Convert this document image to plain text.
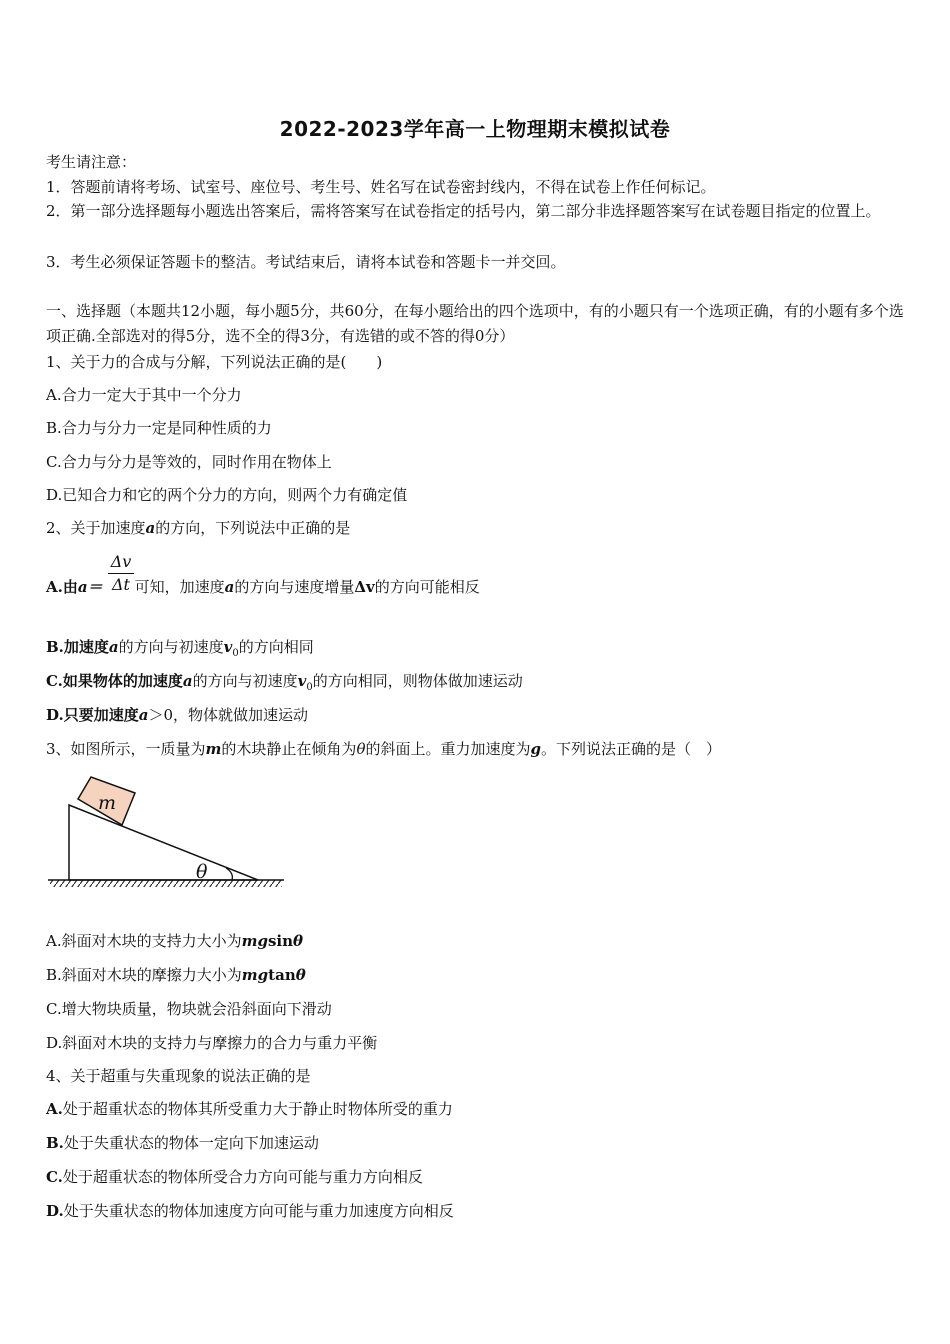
2022-2023学年高一上物理期末模拟试卷
考生请注意：
1．答题前请将考场、试室号、座位号、考生号、姓名写在试卷密封线内，不得在试卷上作任何标记。
2．第一部分选择题每小题选出答案后，需将答案写在试卷指定的括号内，第二部分非选择题答案写在试卷题目指定的位置上。
3．考生必须保证答题卡的整洁。考试结束后，请将本试卷和答题卡一并交回。
一、选择题（本题共12小题，每小题5分，共60分，在每小题给出的四个选项中，有的小题只有一个选项正确，有的小题有多个选项正确.全部选对的得5分，选不全的得3分，有选错的或不答的得0分）
1、关于力的合成与分解，下列说法正确的是(　　)
A.合力一定大于其中一个分力
B.合力与分力一定是同种性质的力
C.合力与分力是等效的，同时作用在物体上
D.已知合力和它的两个分力的方向，则两个力有确定值
2、关于加速度a的方向，下列说法中正确的是
A.由a＝ 可知，加速度a的方向与速度增量Δv的方向可能相反
Δv
Δt
B.加速度a的方向与初速度$v_0$的方向相同
C.如果物体的加速度a的方向与初速度$v_0$的方向相同，则物体做加速运动
D.只要加速度a＞0，物体就做加速运动
3、如图所示，一质量为m的木块静止在倾角为θ的斜面上。重力加速度为g。下列说法正确的是（　）
m
θ
A.斜面对木块的支持力大小为mgsinθ
B.斜面对木块的摩擦力大小为mgtanθ
C.增大物块质量，物块就会沿斜面向下滑动
D.斜面对木块的支持力与摩擦力的合力与重力平衡
4、关于超重与失重现象的说法正确的是
A.处于超重状态的物体其所受重力大于静止时物体所受的重力
B.处于失重状态的物体一定向下加速运动
C.处于超重状态的物体所受合力方向可能与重力方向相反
D.处于失重状态的物体加速度方向可能与重力加速度方向相反
